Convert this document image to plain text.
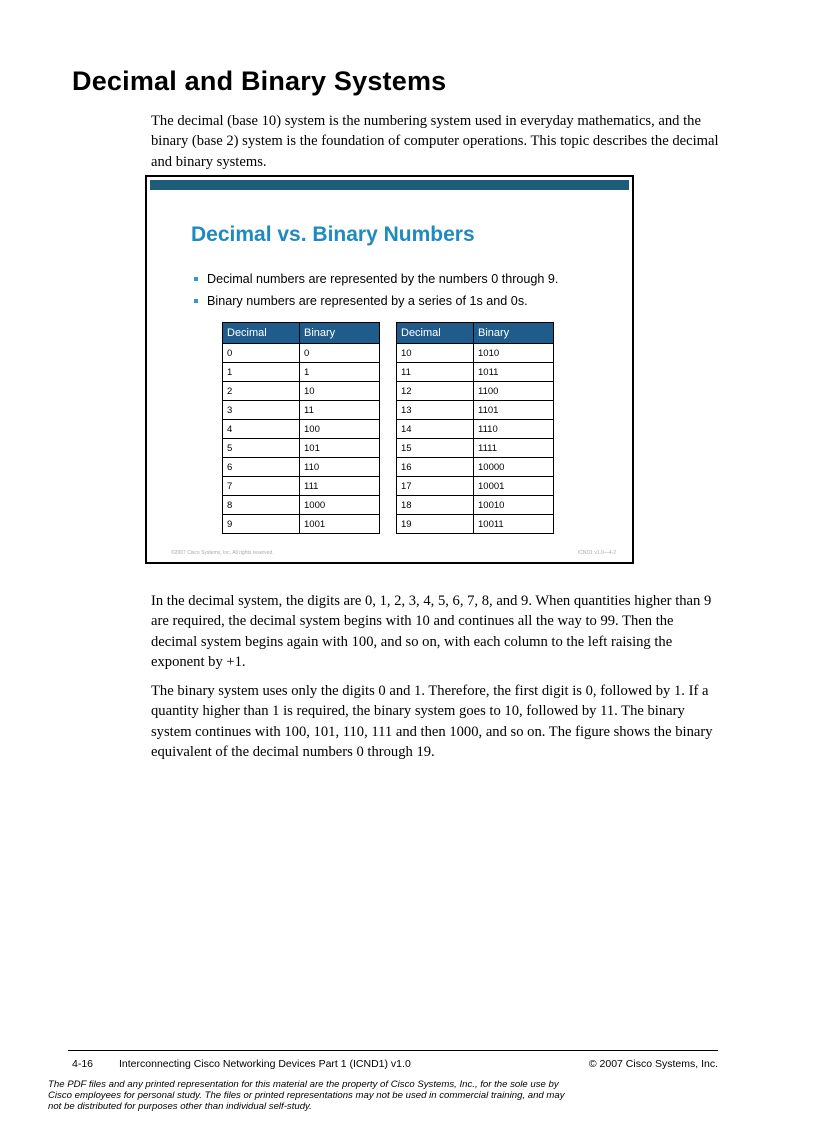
Decimal and Binary Systems

The decimal (base 10) system is the numbering system used in everyday mathematics, and the binary (base 2) system is the foundation of computer operations. This topic describes the decimal and binary systems.

Decimal vs. Binary Numbers
Decimal numbers are represented by the numbers 0 through 9.
Binary numbers are represented by a series of 1s and 0s.
Decimal	Binary
0	0
1	1
2	10
3	11
4	100
5	101
6	110
7	111
8	1000
9	1001
Decimal	Binary
10	1010
11	1011
12	1100
13	1101
14	1110
15	1111
16	10000
17	10001
18	10010
19	10011
©2007 Cisco Systems, Inc. All rights reserved.	ICND1 v1.0—4-2

In the decimal system, the digits are 0, 1, 2, 3, 4, 5, 6, 7, 8, and 9. When quantities higher than 9 are required, the decimal system begins with 10 and continues all the way to 99. Then the decimal system begins again with 100, and so on, with each column to the left raising the exponent by +1.

The binary system uses only the digits 0 and 1. Therefore, the first digit is 0, followed by 1. If a quantity higher than 1 is required, the binary system goes to 10, followed by 11. The binary system continues with 100, 101, 110, 111 and then 1000, and so on. The figure shows the binary equivalent of the decimal numbers 0 through 19.

4-16 Interconnecting Cisco Networking Devices Part 1 (ICND1) v1.0	© 2007 Cisco Systems, Inc.

The PDF files and any printed representation for this material are the property of Cisco Systems, Inc., for the sole use by Cisco employees for personal study. The files or printed representations may not be used in commercial training, and may not be distributed for purposes other than individual self-study.
